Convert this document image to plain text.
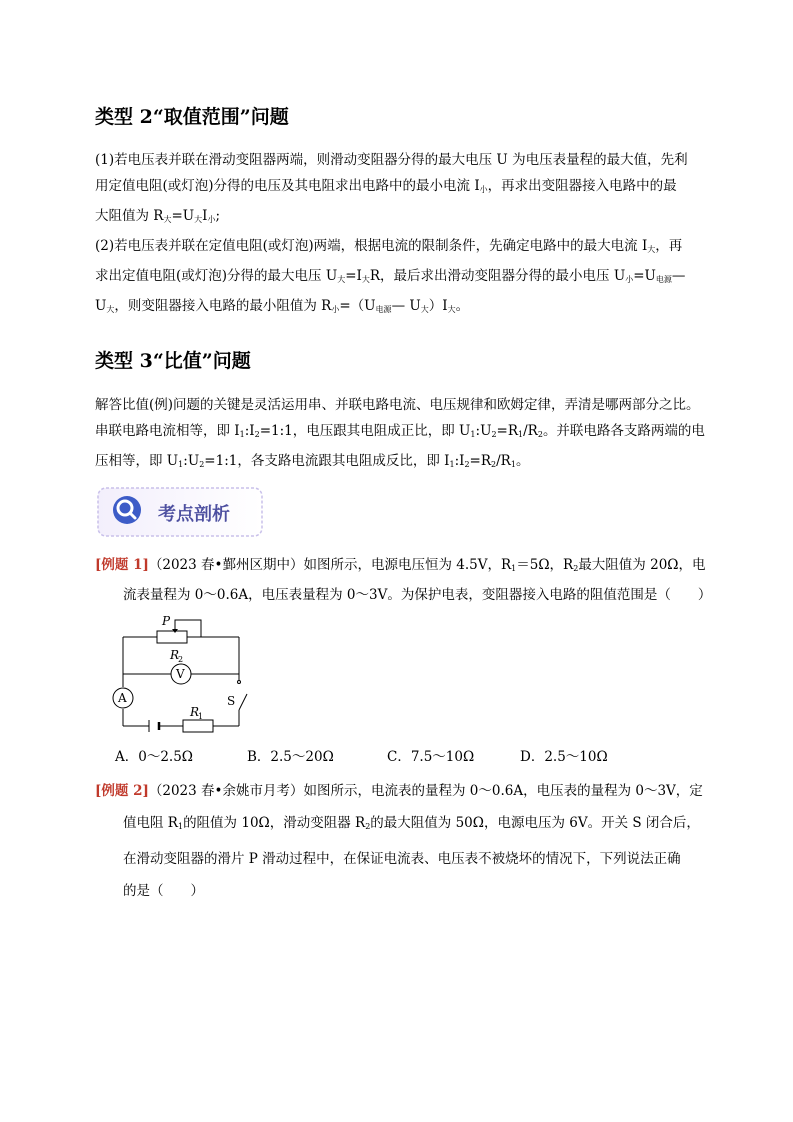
类型 2“取值范围”问题
(1)若电压表并联在滑动变阻器两端，则滑动变阻器分得的最大电压 U 为电压表量程的最大值，先利
用定值电阻(或灯泡)分得的电压及其电阻求出电路中的最小电流 $I_小$，再求出变阻器接入电路中的最
大阻值为 $R_大=U_大I_小$;
(2)若电压表并联在定值电阻(或灯泡)两端，根据电流的限制条件，先确定电路中的最大电流 $I_大$，再
求出定值电阻(或灯泡)分得的最大电压 $U_大=I_大R$，最后求出滑动变阻器分得的最小电压 $U_小=U_{电源}—$
$U_大$，则变阻器接入电路的最小阻值为 $R_小=(U_{电源}—$ $U_大)I_大$。
类型 3“比值”问题
解答比值(例)问题的关键是灵活运用串、并联电路电流、电压规律和欧姆定律，弄清是哪两部分之比。
串联电路电流相等，即 $I_1:I_2=1:1$，电压跟其电阻成正比，即 $U_1:U_2=R_1/R_2$。并联电路各支路两端的电
压相等，即 $U_1:U_2=1:1$，各支路电流跟其电阻成反比，即 $I_1:I_2=R_2/R_1$。
考点剖析
[例题 1]（2023 春•鄞州区期中）如图所示，电源电压恒为 4.5V，$R_1=5\Omega$，$R_2$最大阻值为 20Ω，电
流表量程为 0～0.6A，电压表量程为 0～3V。为保护电表，变阻器接入电路的阻值范围是（　　）
P
R
2
V
A	S
R
1
A．0～2.5Ω	B．2.5～20Ω	C．7.5～10Ω	D．2.5～10Ω
[例题 2]（2023 春•余姚市月考）如图所示，电流表的量程为 0～0.6A，电压表的量程为 0～3V，定
值电阻 $R_1$的阻值为 10Ω，滑动变阻器 $R_2$的最大阻值为 50Ω，电源电压为 6V。开关 S 闭合后，
在滑动变阻器的滑片 P 滑动过程中，在保证电流表、电压表不被烧坏的情况下，下列说法正确
的是（　　）
